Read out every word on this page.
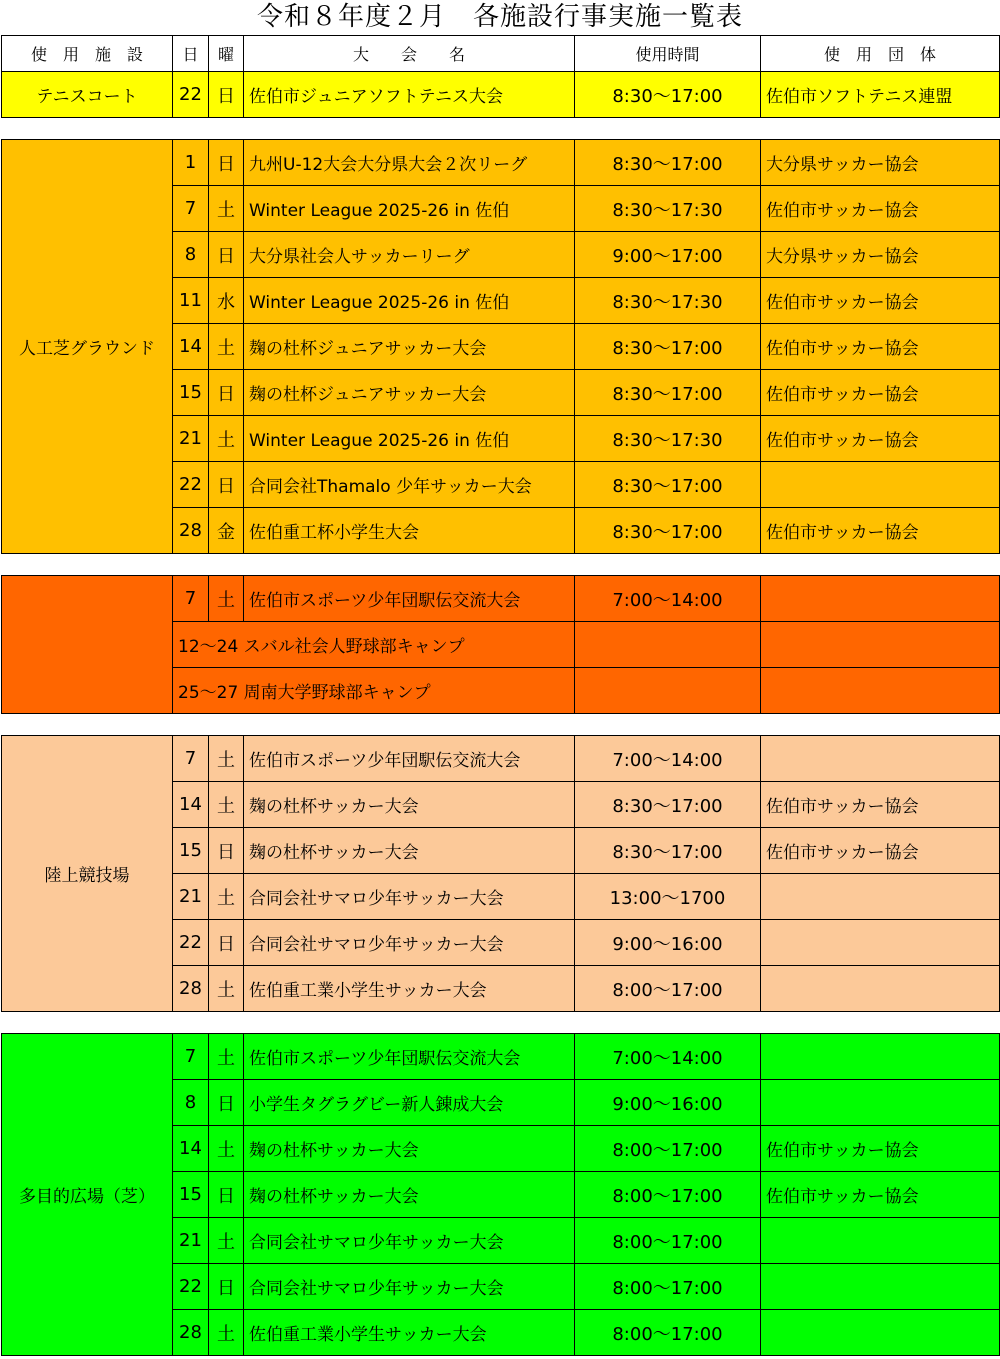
令和８年度２月　各施設行事実施一覧表
使　用　施　設	日	曜	大　　会　　名	使用時間	使　用　団　体
テニスコート	22	日	佐伯市ジュニアソフトテニス大会	8:30～17:00	佐伯市ソフトテニス連盟

人工芝グラウンド	1	日	九州U-12大会大分県大会２次リーグ	8:30～17:00	大分県サッカー協会
	7	土	Winter League 2025-26 in 佐伯	8:30～17:30	佐伯市サッカー協会
	8	日	大分県社会人サッカーリーグ	9:00～17:00	大分県サッカー協会
	11	水	Winter League 2025-26 in 佐伯	8:30～17:30	佐伯市サッカー協会
	14	土	麹の杜杯ジュニアサッカー大会	8:30～17:00	佐伯市サッカー協会
	15	日	麹の杜杯ジュニアサッカー大会	8:30～17:00	佐伯市サッカー協会
	21	土	Winter League 2025-26 in 佐伯	8:30～17:30	佐伯市サッカー協会
	22	日	合同会社Thamalo 少年サッカー大会	8:30～17:00	
	28	金	佐伯重工杯小学生大会	8:30～17:00	佐伯市サッカー協会

	7	土	佐伯市スポーツ少年団駅伝交流大会	7:00～14:00	
	12～24 スバル社会人野球部キャンプ				
	25～27 周南大学野球部キャンプ				

陸上競技場	7	土	佐伯市スポーツ少年団駅伝交流大会	7:00～14:00	
	14	土	麹の杜杯サッカー大会	8:30～17:00	佐伯市サッカー協会
	15	日	麹の杜杯サッカー大会	8:30～17:00	佐伯市サッカー協会
	21	土	合同会社サマロ少年サッカー大会	13:00～1700	
	22	日	合同会社サマロ少年サッカー大会	9:00～16:00	
	28	土	佐伯重工業小学生サッカー大会	8:00～17:00	

多目的広場（芝）	7	土	佐伯市スポーツ少年団駅伝交流大会	7:00～14:00	
	8	日	小学生タグラグビー新人錬成大会	9:00～16:00	
	14	土	麹の杜杯サッカー大会	8:00～17:00	佐伯市サッカー協会
	15	日	麹の杜杯サッカー大会	8:00～17:00	佐伯市サッカー協会
	21	土	合同会社サマロ少年サッカー大会	8:00～17:00	
	22	日	合同会社サマロ少年サッカー大会	8:00～17:00	
	28	土	佐伯重工業小学生サッカー大会	8:00～17:00	
